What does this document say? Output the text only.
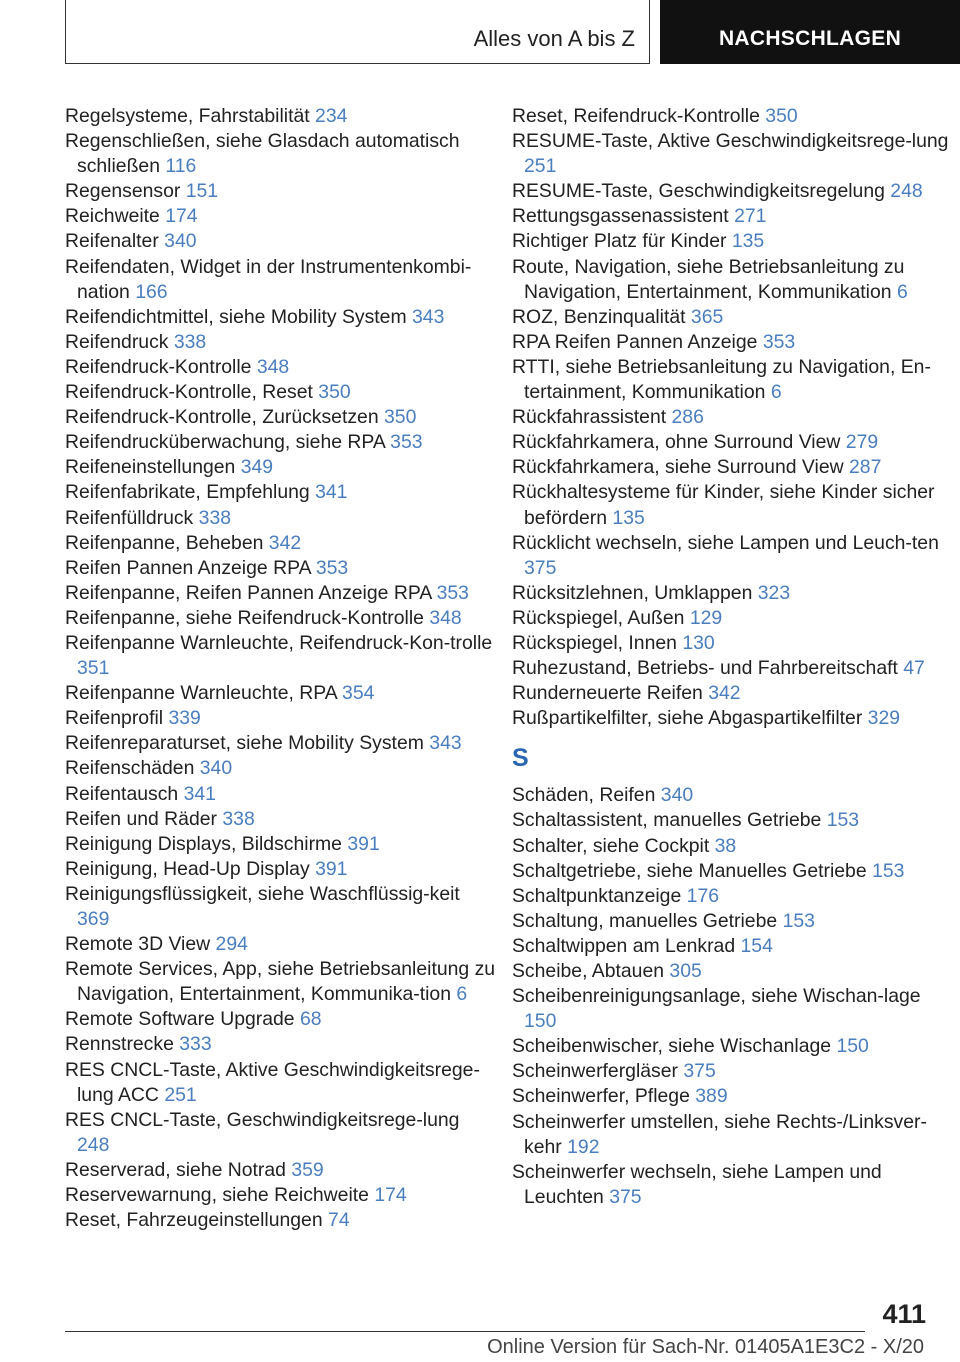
Alles von A bis Z	NACHSCHLAGEN
Regelsysteme, Fahrstabilität 234
Regenschließen, siehe Glasdach automatisch schließen 116
Regensensor 151
Reichweite 174
Reifenalter 340
Reifendaten, Widget in der Instrumentenkombi-nation 166
Reifendichtmittel, siehe Mobility System 343
Reifendruck 338
Reifendruck-Kontrolle 348
Reifendruck-Kontrolle, Reset 350
Reifendruck-Kontrolle, Zurücksetzen 350
Reifendrucküberwachung, siehe RPA 353
Reifeneinstellungen 349
Reifenfabrikate, Empfehlung 341
Reifenfülldruck 338
Reifenpanne, Beheben 342
Reifen Pannen Anzeige RPA 353
Reifenpanne, Reifen Pannen Anzeige RPA 353
Reifenpanne, siehe Reifendruck-Kontrolle 348
Reifenpanne Warnleuchte, Reifendruck-Kon-trolle 351
Reifenpanne Warnleuchte, RPA 354
Reifenprofil 339
Reifenreparaturset, siehe Mobility System 343
Reifenschäden 340
Reifentausch 341
Reifen und Räder 338
Reinigung Displays, Bildschirme 391
Reinigung, Head-Up Display 391
Reinigungsflüssigkeit, siehe Waschflüssig-keit 369
Remote 3D View 294
Remote Services, App, siehe Betriebsanleitung zu Navigation, Entertainment, Kommunika-tion 6
Remote Software Upgrade 68
Rennstrecke 333
RES CNCL-Taste, Aktive Geschwindigkeitsrege-lung ACC 251
RES CNCL-Taste, Geschwindigkeitsrege-lung 248
Reserverad, siehe Notrad 359
Reservewarnung, siehe Reichweite 174
Reset, Fahrzeugeinstellungen 74
Reset, Reifendruck-Kontrolle 350
RESUME-Taste, Aktive Geschwindigkeitsrege-lung 251
RESUME-Taste, Geschwindigkeitsregelung 248
Rettungsgassenassistent 271
Richtiger Platz für Kinder 135
Route, Navigation, siehe Betriebsanleitung zu Navigation, Entertainment, Kommunikation 6
ROZ, Benzinqualität 365
RPA Reifen Pannen Anzeige 353
RTTI, siehe Betriebsanleitung zu Navigation, En-tertainment, Kommunikation 6
Rückfahrassistent 286
Rückfahrkamera, ohne Surround View 279
Rückfahrkamera, siehe Surround View 287
Rückhaltesysteme für Kinder, siehe Kinder sicher befördern 135
Rücklicht wechseln, siehe Lampen und Leuch-ten 375
Rücksitzlehnen, Umklappen 323
Rückspiegel, Außen 129
Rückspiegel, Innen 130
Ruhezustand, Betriebs- und Fahrbereitschaft 47
Runderneuerte Reifen 342
Rußpartikelfilter, siehe Abgaspartikelfilter 329
S
Schäden, Reifen 340
Schaltassistent, manuelles Getriebe 153
Schalter, siehe Cockpit 38
Schaltgetriebe, siehe Manuelles Getriebe 153
Schaltpunktanzeige 176
Schaltung, manuelles Getriebe 153
Schaltwippen am Lenkrad 154
Scheibe, Abtauen 305
Scheibenreinigungsanlage, siehe Wischan-lage 150
Scheibenwischer, siehe Wischanlage 150
Scheinwerfergläser 375
Scheinwerfer, Pflege 389
Scheinwerfer umstellen, siehe Rechts-/Linksver-kehr 192
Scheinwerfer wechseln, siehe Lampen und Leuchten 375
411
Online Version für Sach-Nr. 01405A1E3C2 - X/20
